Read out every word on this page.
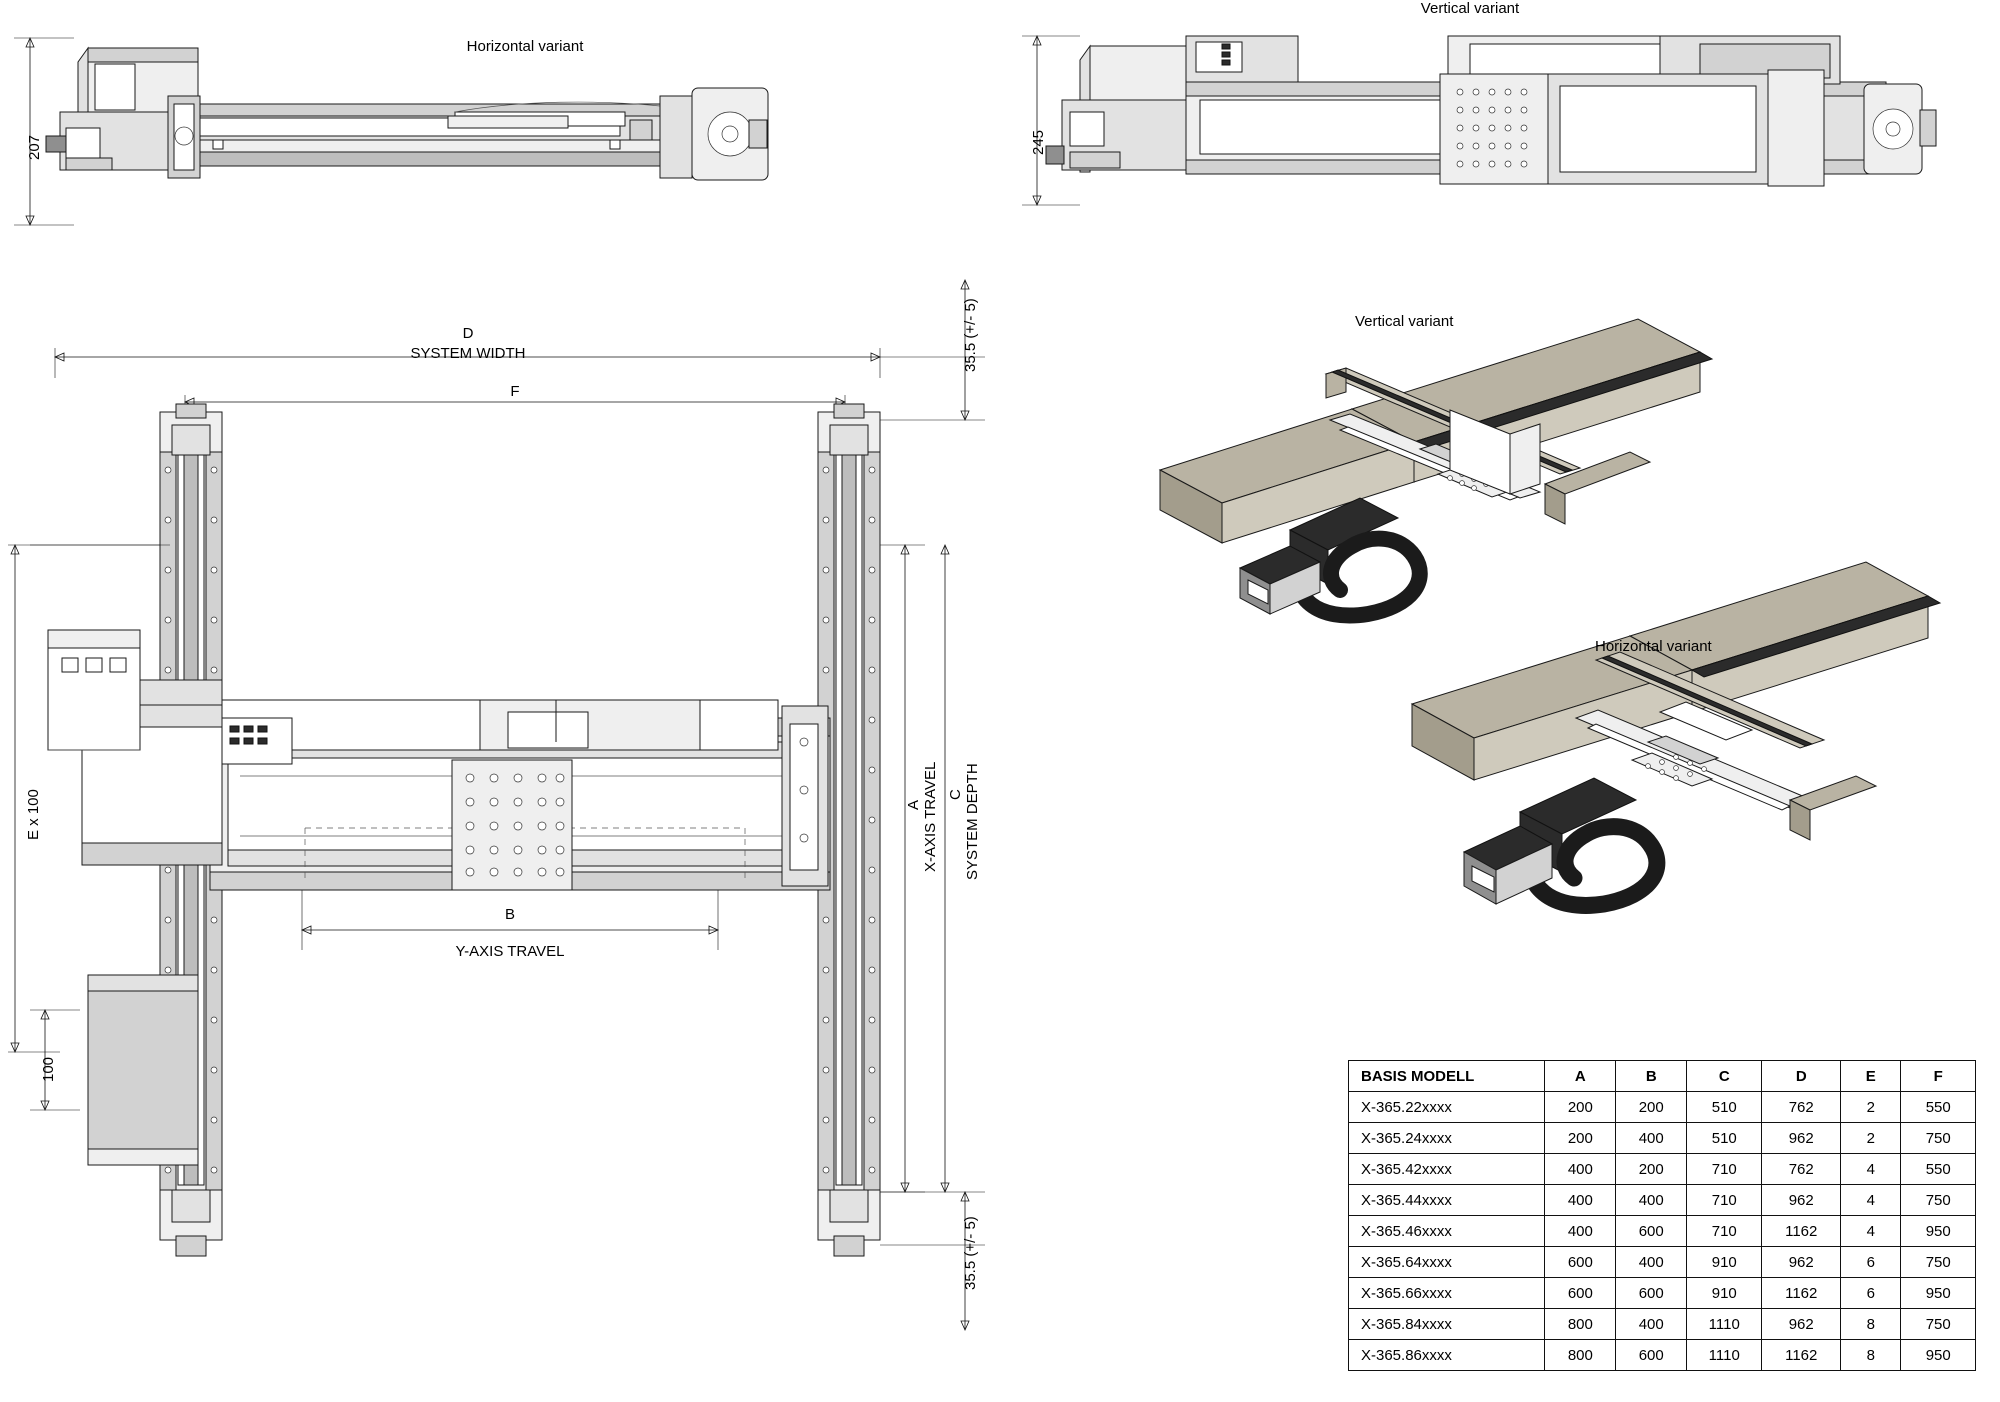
Horizontal variant
207
Vertical variant
245
D
SYSTEM WIDTH
F
B
Y-AXIS TRAVEL
E x 100
100
A X-AXIS TRAVEL C SYSTEM DEPTH
35.5 (+/- 5)
35.5 (+/- 5)
Vertical variant
Horizontal variant
BASIS MODELL	A	B	C	D	E	F
X-365.22xxxx	200	200	510	762	2	550
X-365.24xxxx	200	400	510	962	2	750
X-365.42xxxx	400	200	710	762	4	550
X-365.44xxxx	400	400	710	962	4	750
X-365.46xxxx	400	600	710	1162	4	950
X-365.64xxxx	600	400	910	962	6	750
X-365.66xxxx	600	600	910	1162	6	950
X-365.84xxxx	800	400	1110	962	8	750
X-365.86xxxx	800	600	1110	1162	8	950
